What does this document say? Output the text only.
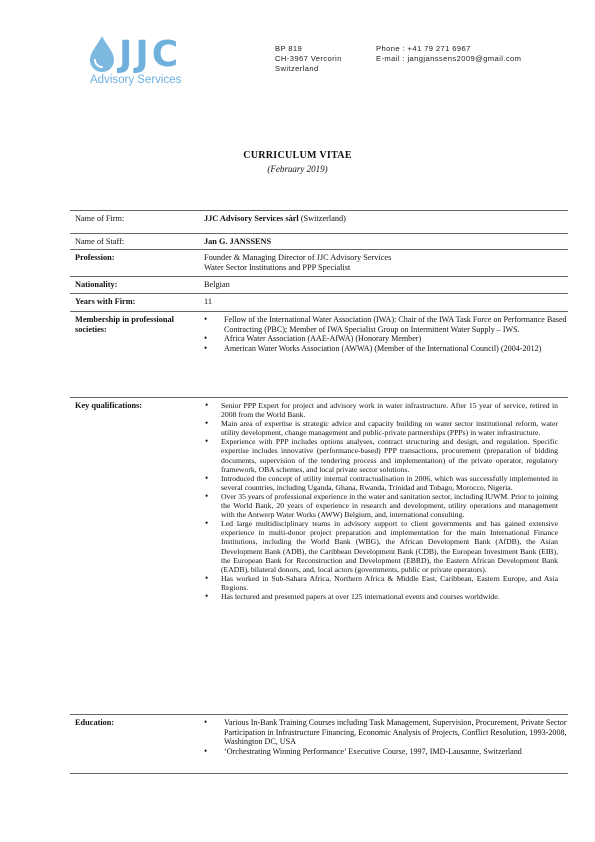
JJC
Advisory Services
BP 819
CH-3967 Vercorin
Switzerland
Phone : +41 79 271 6967
E-mail : jangjanssens2009@gmail.com
CURRICULUM VITAE
(February 2019)
Name of Firm:	JJC Advisory Services sàrl (Switzerland)
Name of Staff:	Jan G. JANSSENS
Profession:	Founder & Managing Director of JJC Advisory Services
Water Sector Institutions and PPP Specialist
Nationality:	Belgian
Years with Firm:	11
Membership in professional societies:
• Fellow of the International Water Association (IWA): Chair of the IWA Task Force on Performance Based Contracting (PBC); Member of IWA Specialist Group on Intermittent Water Supply – IWS.
• Africa Water Association (AAE-AfWA) (Honorary Member)
• American Water Works Association (AWWA) (Member of the International Council) (2004-2012)
Key qualifications:	• Senior PPP Expert for project and advisory work in water infrastructure. After 15 year of service, retired in 2008 from the World Bank.
• Main area of expertise is strategic advice and capacity building on water sector institutional reform, water utility development, change management and public-private partnerships (PPPs) in water infrastructure.
• Experience with PPP includes options analyses, contract structuring and design, and regulation. Specific expertise includes innovative (performance-based) PPP transactions, procurement (preparation of bidding documents, supervision of the tendering process and implementation) of the private operator, regulatory framework, OBA schemes, and local private sector solutions.
• Introduced the concept of utility internal contractualisation in 2006, which was successfully implemented in several countries, including Uganda, Ghana, Rwanda, Trinidad and Tobago, Morocco, Nigeria.
• Over 35 years of professional experience in the water and sanitation sector, including IUWM. Prior to joining the World Bank, 20 years of experience in research and development, utility operations and management with the Antwerp Water Works (AWW) Belgium, and, international consulting.
• Led large multidisciplinary teams in advisory support to client governments and has gained extensive experience in multi-donor project preparation and implementation for the main International Finance Institutions, including the World Bank (WBG), the African Development Bank (AfDB), the Asian Development Bank (ADB), the Caribbean Development Bank (CDB), the European Investment Bank (EIB), the European Bank for Reconstruction and Development (EBRD), the Eastern African Development Bank (EADB), bilateral donors, and, local actors (governments, public or private operators).
• Has worked in Sub-Sahara Africa, Northern Africa & Middle East, Caribbean, Eastern Europe, and Asia Regions.
• Has lectured and presented papers at over 125 international events and courses worldwide.
Education:	• Various In-Bank Training Courses including Task Management, Supervision, Procurement, Private Sector Participation in Infrastructure Financing, Economic Analysis of Projects, Conflict Resolution, 1993-2008, Washington DC, USA
• ‘Orchestrating Winning Performance’ Executive Course, 1997, IMD-Lausanne, Switzerland
